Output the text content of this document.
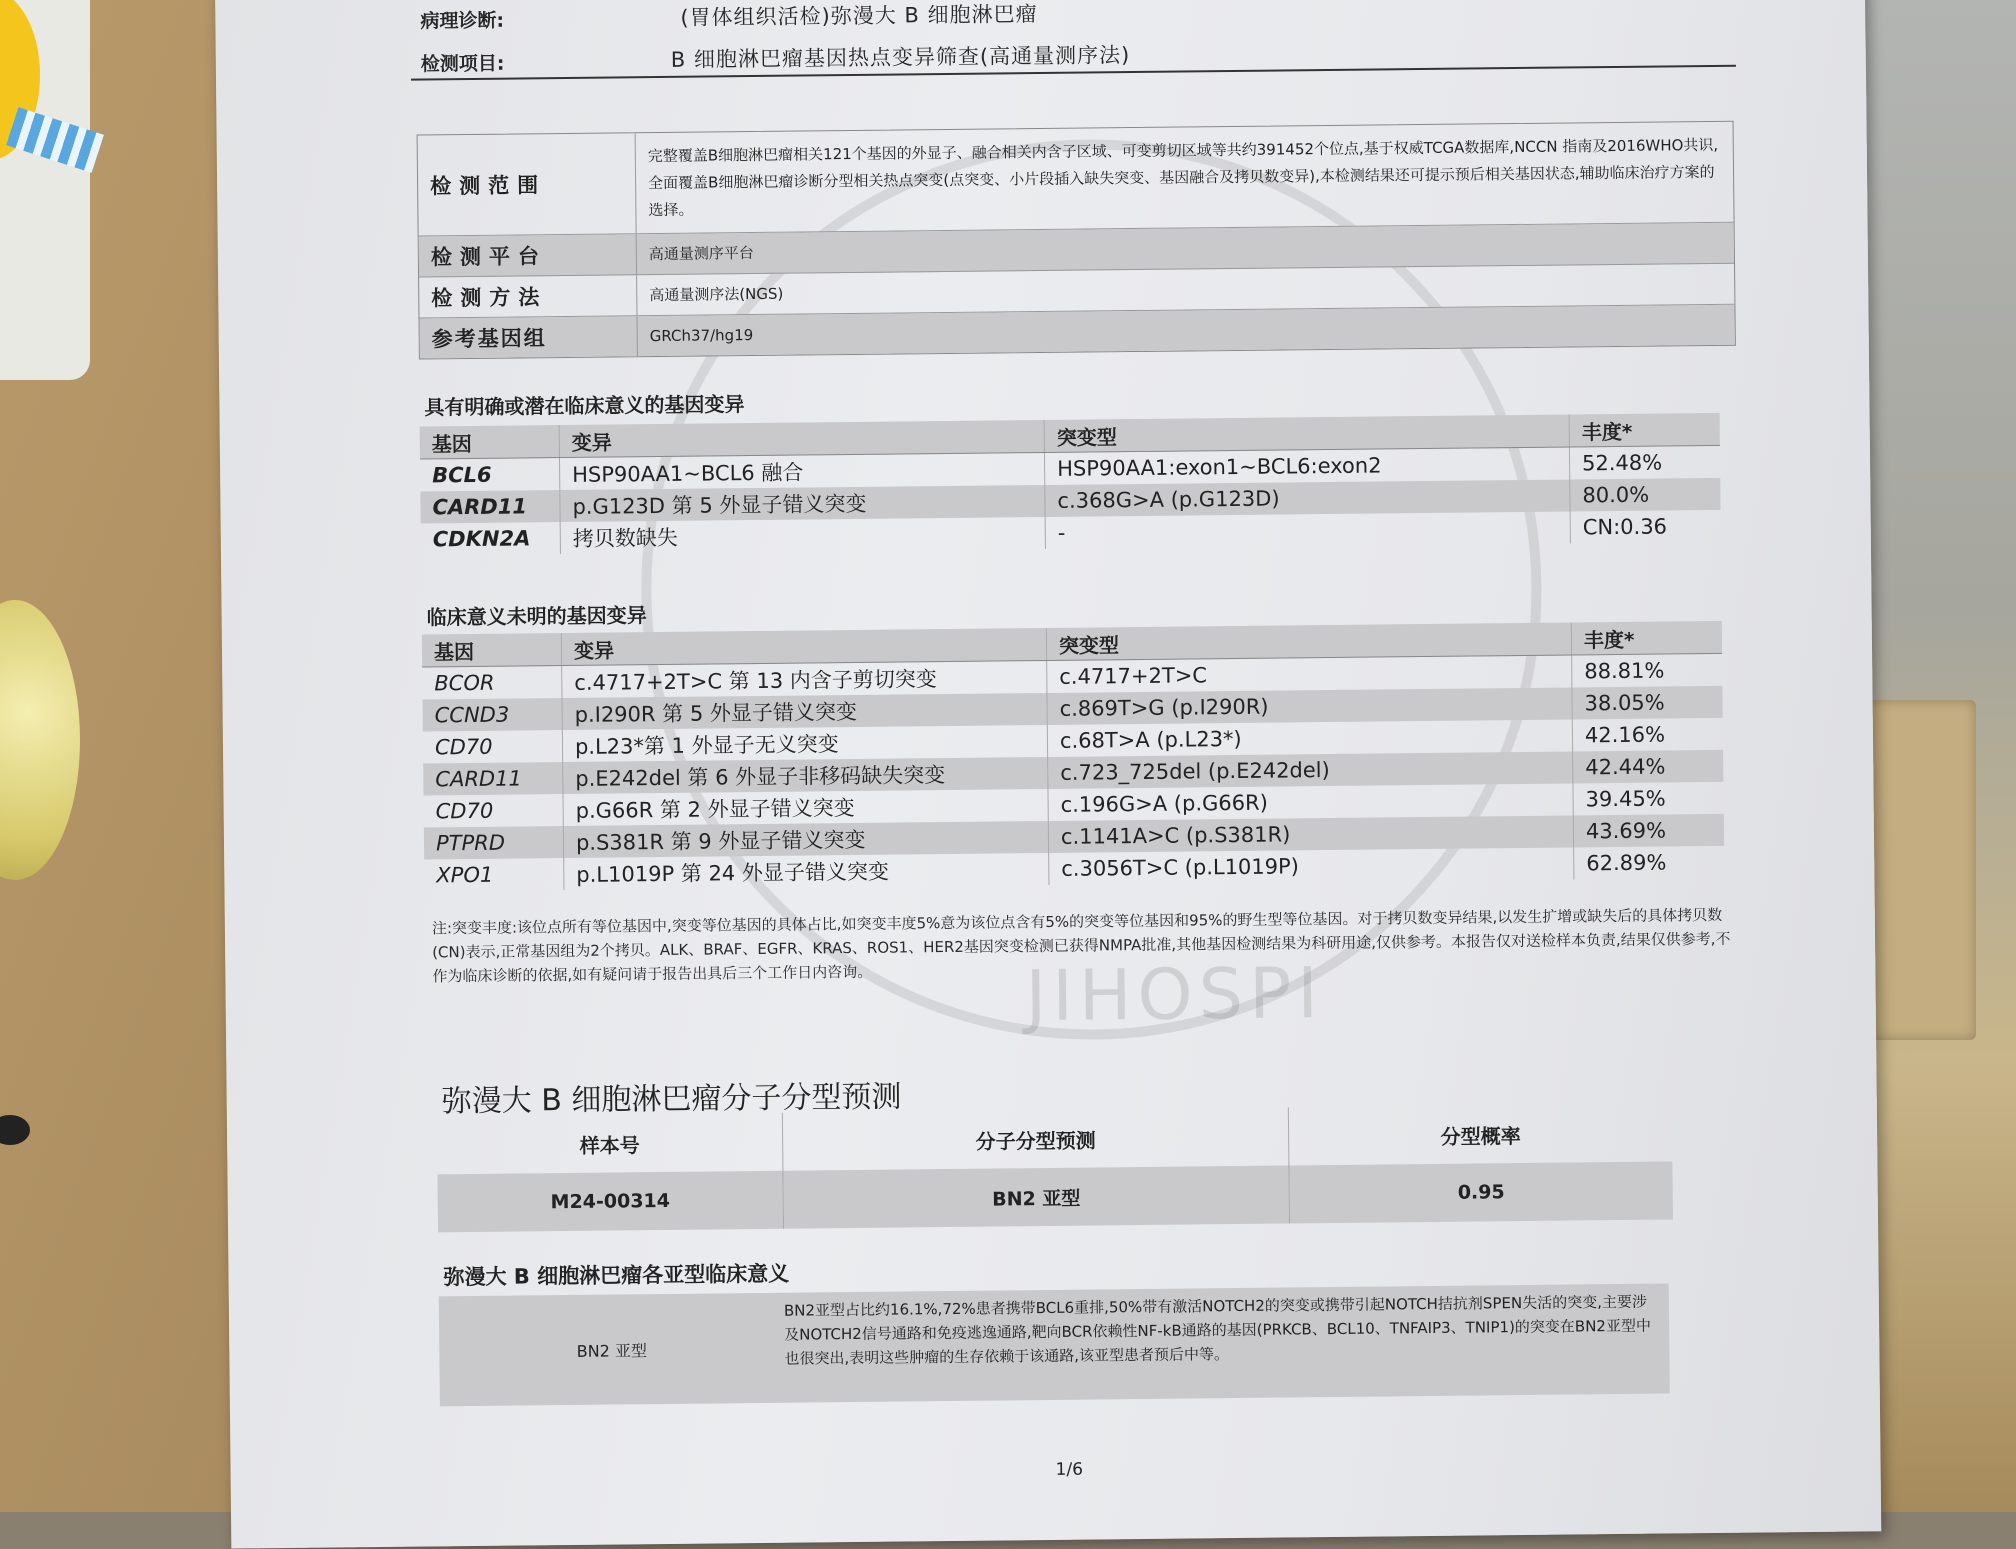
JIHOSPI
病理诊断:	(胃体组织活检)弥漫大 B 细胞淋巴瘤
检测项目:	B 细胞淋巴瘤基因热点变异筛查(高通量测序法)
检测范围
完整覆盖B细胞淋巴瘤相关121个基因的外显子、融合相关内含子区域、可变剪切区域等共约391452个位点,基于权威TCGA数据库,NCCN 指南及2016WHO共识,全面覆盖B细胞淋巴瘤诊断分型相关热点突变(点突变、小片段插入缺失突变、基因融合及拷贝数变异),本检测结果还可提示预后相关基因状态,辅助临床治疗方案的选择。
检测平台	高通量测序平台
检测方法	高通量测序法(NGS)
参考基因组	GRCh37/hg19
具有明确或潜在临床意义的基因变异
基因	变异	突变型	丰度*
BCL6	HSP90AA1~BCL6 融合	HSP90AA1:exon1~BCL6:exon2	52.48%
CARD11	p.G123D 第 5 外显子错义突变	c.368G>A (p.G123D)	80.0%
CDKN2A	拷贝数缺失	-	CN:0.36
临床意义未明的基因变异
基因	变异	突变型	丰度*
BCOR	c.4717+2T>C 第 13 内含子剪切突变	c.4717+2T>C	88.81%
CCND3	p.I290R 第 5 外显子错义突变	c.869T>G (p.I290R)	38.05%
CD70	p.L23*第 1 外显子无义突变	c.68T>A (p.L23*)	42.16%
CARD11	p.E242del 第 6 外显子非移码缺失突变	c.723_725del (p.E242del)	42.44%
CD70	p.G66R 第 2 外显子错义突变	c.196G>A (p.G66R)	39.45%
PTPRD	p.S381R 第 9 外显子错义突变	c.1141A>C (p.S381R)	43.69%
XPO1	p.L1019P 第 24 外显子错义突变	c.3056T>C (p.L1019P)	62.89%
注:突变丰度:该位点所有等位基因中,突变等位基因的具体占比,如突变丰度5%意为该位点含有5%的突变等位基因和95%的野生型等位基因。对于拷贝数变异结果,以发生扩增或缺失后的具体拷贝数(CN)表示,正常基因组为2个拷贝。ALK、BRAF、EGFR、KRAS、ROS1、HER2基因突变检测已获得NMPA批准,其他基因检测结果为科研用途,仅供参考。本报告仅对送检样本负责,结果仅供参考,不作为临床诊断的依据,如有疑问请于报告出具后三个工作日内咨询。
弥漫大 B 细胞淋巴瘤分子分型预测
样本号	分子分型预测	分型概率
M24-00314	BN2 亚型	0.95
弥漫大 B 细胞淋巴瘤各亚型临床意义
BN2 亚型
BN2亚型占比约16.1%,72%患者携带BCL6重排,50%带有激活NOTCH2的突变或携带引起NOTCH拮抗剂SPEN失活的突变,主要涉及NOTCH2信号通路和免疫逃逸通路,靶向BCR依赖性NF-kB通路的基因(PRKCB、BCL10、TNFAIP3、TNIP1)的突变在BN2亚型中也很突出,表明这些肿瘤的生存依赖于该通路,该亚型患者预后中等。
1/6
